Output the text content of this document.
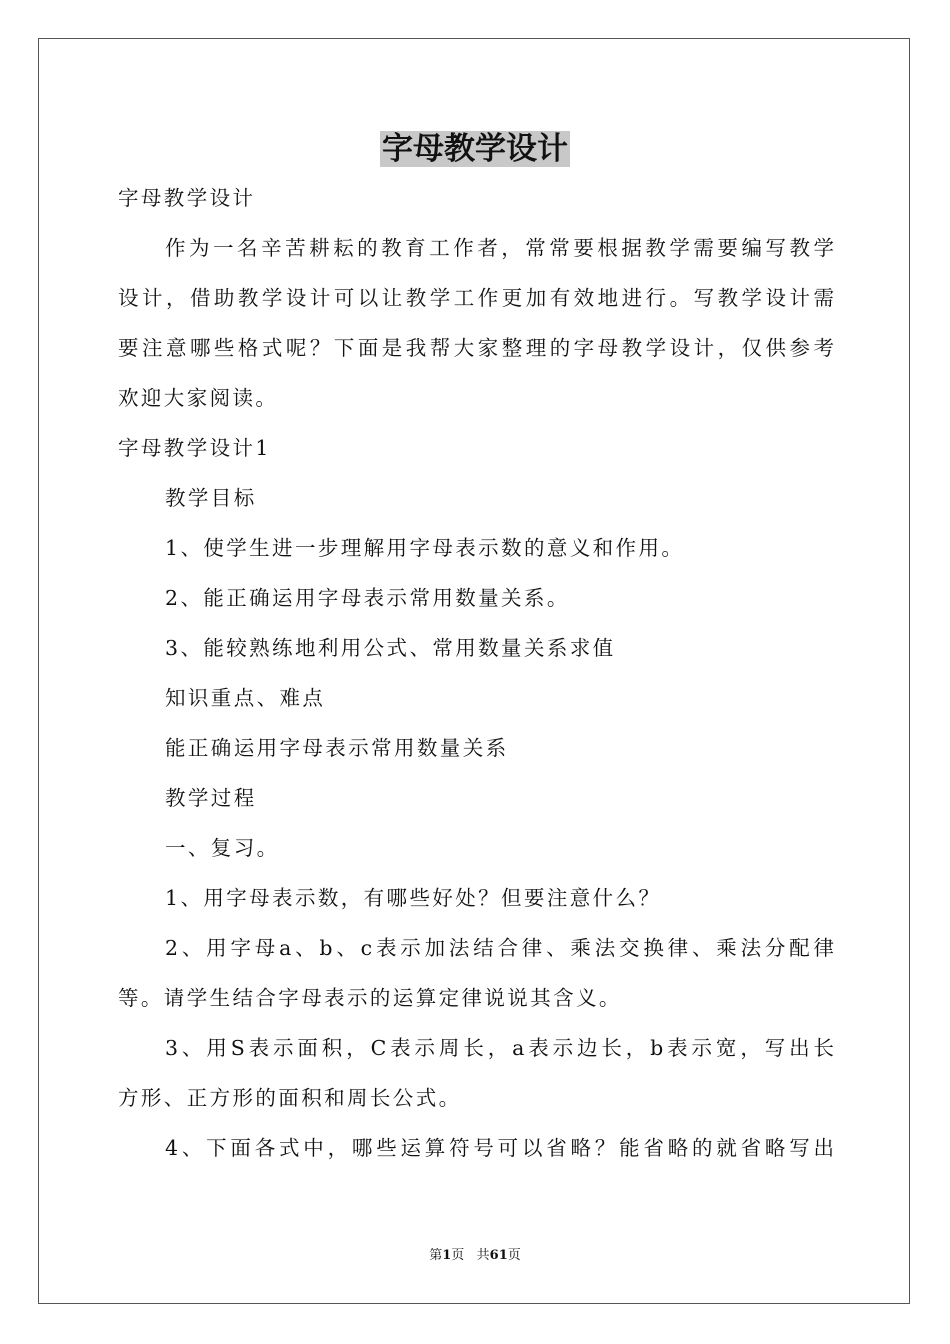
字母教学设计

字母教学设计

作为一名辛苦耕耘的教育工作者，常常要根据教学需要编写教学

设计，借助教学设计可以让教学工作更加有效地进行。写教学设计需

要注意哪些格式呢？下面是我帮大家整理的字母教学设计，仅供参考

欢迎大家阅读。

字母教学设计1

教学目标

1、使学生进一步理解用字母表示数的意义和作用。

2、能正确运用字母表示常用数量关系。

3、能较熟练地利用公式、常用数量关系求值

知识重点、难点

能正确运用字母表示常用数量关系

教学过程

一、复习。

1、用字母表示数，有哪些好处？但要注意什么？

2、用字母a、b、c表示加法结合律、乘法交换律、乘法分配律

等。请学生结合字母表示的运算定律说说其含义。

3、用S表示面积，C表示周长，a表示边长，b表示宽，写出长

方形、正方形的面积和周长公式。

4、下面各式中，哪些运算符号可以省略？能省略的就省略写出

第1页   共61页
